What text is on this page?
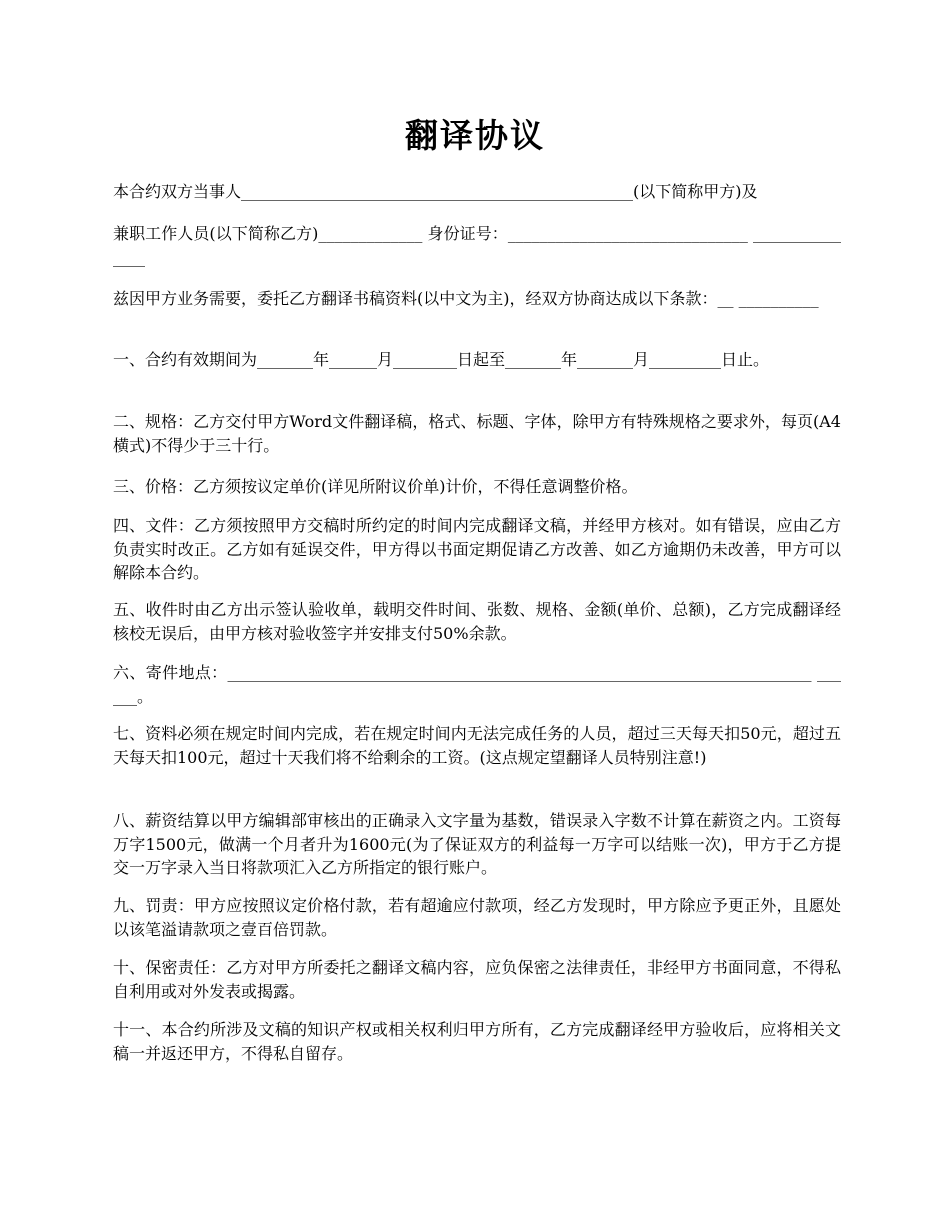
翻译协议

本合约双方当事人_________________________________________________(以下简称甲方)及

兼职工作人员(以下简称乙方)_____________ 身份证号：______________________________ _______________

兹因甲方业务需要，委托乙方翻译书稿资料(以中文为主)，经双方协商达成以下条款：__ __________

一、合约有效期间为_______年______月________日起至_______年_______月_________日止。

二、规格：乙方交付甲方Word文件翻译稿，格式、标题、字体，除甲方有特殊规格之要求外，每页(A4横式)不得少于三十行。

三、价格：乙方须按议定单价(详见所附议价单)计价，不得任意调整价格。

四、文件：乙方须按照甲方交稿时所约定的时间内完成翻译文稿，并经甲方核对。如有错误，应由乙方负责实时改正。乙方如有延误交件，甲方得以书面定期促请乙方改善、如乙方逾期仍未改善，甲方可以解除本合约。

五、收件时由乙方出示签认验收单，载明交件时间、张数、规格、金额(单价、总额)，乙方完成翻译经核校无误后，由甲方核对验收签字并安排支付50%余款。

六、寄件地点：_________________________________________________________________________ ______。

七、资料必须在规定时间内完成，若在规定时间内无法完成任务的人员，超过三天每天扣50元，超过五天每天扣100元，超过十天我们将不给剩余的工资。(这点规定望翻译人员特别注意!)

八、薪资结算以甲方编辑部审核出的正确录入文字量为基数，错误录入字数不计算在薪资之内。工资每万字1500元，做满一个月者升为1600元(为了保证双方的利益每一万字可以结账一次)，甲方于乙方提交一万字录入当日将款项汇入乙方所指定的银行账户。

九、罚责：甲方应按照议定价格付款，若有超逾应付款项，经乙方发现时，甲方除应予更正外，且愿处以该笔溢请款项之壹百倍罚款。

十、保密责任：乙方对甲方所委托之翻译文稿内容，应负保密之法律责任，非经甲方书面同意，不得私自利用或对外发表或揭露。

十一、本合约所涉及文稿的知识产权或相关权利归甲方所有，乙方完成翻译经甲方验收后，应将相关文稿一并返还甲方，不得私自留存。
